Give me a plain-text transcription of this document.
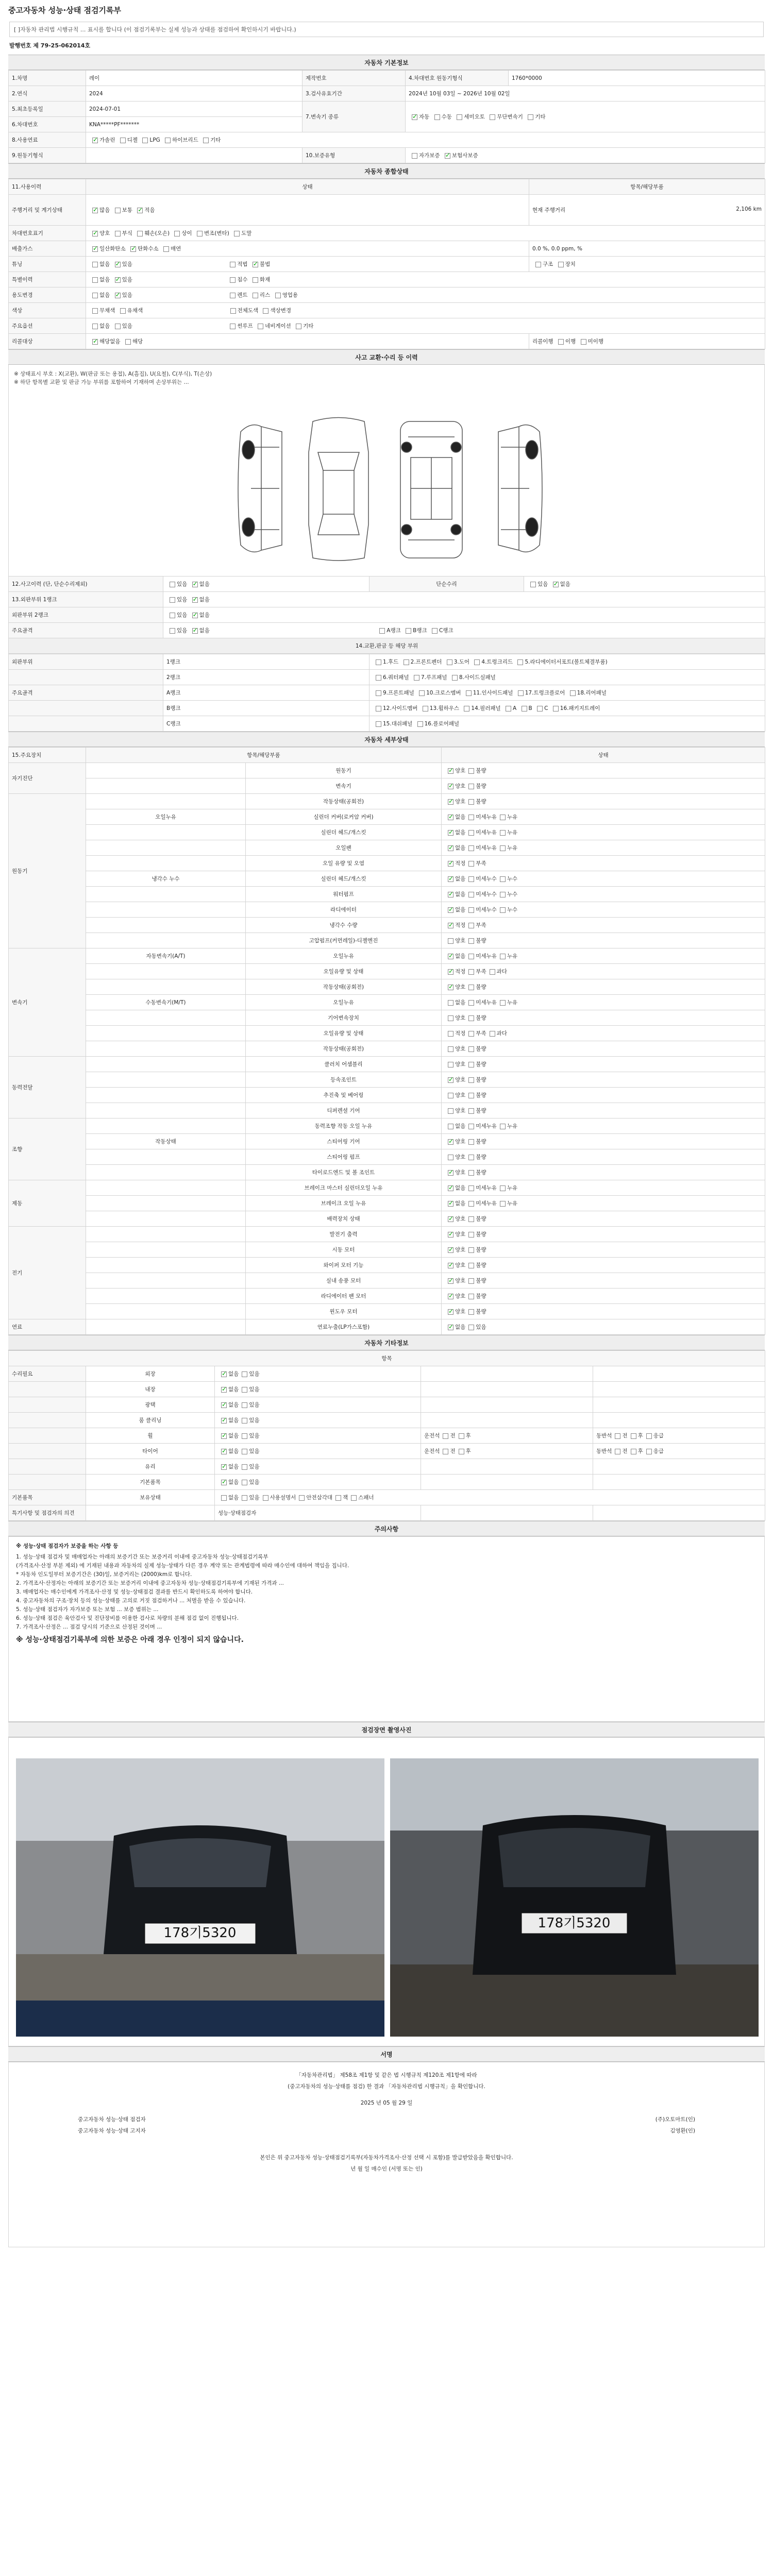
중고자동차 성능·상태 점검기록부
[ ]자동차 관리법 시행규칙 ... 표시를 합니다 (이 점검기록부는 실제 성능과 상태를 점검하여 확인하시기 바랍니다.)
발행번호 제 79-25-062014호
자동차 기본정보
1.차명	레이	제작번호	4.차대번호 원동기형식	1760*0000
2.연식	2024	3.검사유효기간	2024년 10월 03일 ~ 2026년 10월 02일	
5.최초등록일	2024-07-01	7.변속기 종류	✓자동 수동 세미오토 무단변속기 기타
6.차대번호	KNA*****PF*******			
8.사용연료	✓가솔린 디젤 LPG 하이브리드 기타
9.원동기형식		10.보증유형	자가보증 ✓ 보험사보증
자동차 종합상태
11.사용이력	상태	항목/해당부품
주행거리 및 계기상태	✓많음 보통 ✓ 적음	현재 주행거리 2,106 km

차대번호표기	✓양호 부식 훼손(오손) 상이 변조(변타) 도말
배출가스	✓일산화탄소 ✓ 탄화수소 매연	0.0 %, 0.0 ppm, %
튜닝	없음 ✓ 있음 적법 ✓ 불법	구조 장치
특별이력	없음 ✓ 있음 침수 화재
용도변경	없음 ✓ 있음 렌트 리스 영업용
색상	무채색 유채색 전체도색 색상변경	
주요옵션	없음 있음 썬루프 네비게이션 기타	
리콜대상	✓해당없음 해당	리콜이행 이행 미이행
사고 교환·수리 등 이력
※ 상태표시 부호 : X(교환), W(판금 또는 용접), A(흠집), U(요철), C(부식), T(손상)
※ 하단 항목별 교환 및 판금 가능 부위를 포함하여 기재하며 손상부위는 ...
12.사고이력 (단, 단순수리제외)	있음 ✓ 없음	단순수리	있음 ✓ 없음
13.외판부위 1랭크	있음 ✓ 없음
외판부위 2랭크	있음 ✓ 없음
주요골격	있음 ✓ 없음 A랭크 B랭크 C랭크
14.교환,판금 등 해당 부위			
외판부위	1랭크	1.후드 2.프론트펜더 3.도어 4.트렁크리드 5.라디에이터서포트(볼트체결부품)
	2랭크	6.쿼터패널 7.루프패널 8.사이드실패널
주요골격	A랭크	9.프론트패널 10.크로스멤버 11.인사이드패널 17.트렁크플로어 18.리어패널
	B랭크	12.사이드멤버 13.휠하우스 14.필러패널 A B C 16.패키지트레이
	C랭크	15.대쉬패널 16.플로어패널
자동차 세부상태
15.주요장치	항목/해당부품		상태
자기진단		원동기	✓양호 불량
		변속기	✓양호 불량
원동기		작동상태(공회전)	✓양호 불량
	오일누유	실린더 커버(로커암 커버)	✓없음 미세누유 누유
		실린더 헤드/개스킷	✓없음 미세누유 누유
		오일팬	✓없음 미세누유 누유
		오일 유량 및 오염	✓적정 부족
	냉각수 누수	실린더 헤드/개스킷	✓없음 미세누수 누수
		워터펌프	✓없음 미세누수 누수
		라디에이터	✓없음 미세누수 누수
		냉각수 수량	✓적정 부족
		고압펌프(커먼레일)-디젤엔진	양호 불량
변속기	자동변속기(A/T)	오일누유	✓없음 미세누유 누유
		오일유량 및 상태	✓적정 부족 과다
		작동상태(공회전)	✓양호 불량
	수동변속기(M/T)	오일누유	없음 미세누유 누유
		기어변속장치	양호 불량
		오일유량 및 상태	적정 부족 과다
		작동상태(공회전)	양호 불량
동력전달		클러치 어셈블리	양호 불량
		등속조인트	✓양호 불량
		추진축 및 베어링	양호 불량
		디퍼렌셜 기어	양호 불량
조향		동력조향 작동 오일 누유	없음 미세누유 누유
	작동상태	스티어링 기어	✓양호 불량
		스티어링 펌프	양호 불량
		타이로드엔드 및 볼 조인트	✓양호 불량
제동		브레이크 마스터 실린더오일 누유	✓없음 미세누유 누유
		브레이크 오일 누유	✓없음 미세누유 누유
		배력장치 상태	✓양호 불량
전기		발전기 출력	✓양호 불량
		시동 모터	✓양호 불량
		와이퍼 모터 기능	✓양호 불량
		실내 송풍 모터	✓양호 불량
		라디에이터 팬 모터	✓양호 불량
		윈도우 모터	✓양호 불량
연료		연료누출(LP가스포함)	✓없음 있음
자동차 기타정보
항목				
수리필요	외장	✓없음 있음		
	내장	✓없음 있음		
	광택	✓없음 있음		
	룸 클리닝	✓없음 있음		
	휠	✓없음 있음	운전석 전 후	동반석 전 후 응급
	타이어	✓없음 있음	운전석 전 후	동반석 전 후 응급
	유리	✓없음 있음		
	기본품목	✓없음 있음		
기본품목	보유상태	없음 있음 사용설명서 안전삼각대 잭 스패너		
특기사항 및 점검자의 의견		성능·상태점검자		
주의사항
※ 성능·상태 점검자가 보증을 하는 사항 등
1. 성능·상태 점검자 및 매매업자는 아래의 보증기간 또는 보증거리 이내에 중고자동차 성능·상태점검기록부
(가격조사·산정 부분 제외) 에 기재된 내용과 자동차의 실제 성능·상태가 다른 경우 계약 또는 관계법령에 따라 매수인에 대하여 책임을 집니다.
* 자동차 인도일부터 보증기간은 (30)일, 보증거리는 (2000)km로 합니다.
2. 가격조사·산정자는 아래의 보증기간 또는 보증거리 이내에 중고자동차 성능·상태점검기록부에 기재된 가격과 ...
3. 매매업자는 매수인에게 가격조사·산정 및 성능·상태점검 결과를 반드시 확인하도록 하여야 합니다.
4. 중고자동차의 구조·장치 등의 성능·상태를 고의로 거짓 점검하거나 ... 처벌을 받을 수 있습니다.
5. 성능·상태 점검자가 자가보증 또는 보험 ... 보증 범위는 ...
6. 성능·상태 점검은 육안검사 및 진단장비를 이용한 검사로 차량의 분해 점검 없이 진행됩니다.
7. 가격조사·산정은 ... 점검 당시의 기준으로 산정된 것이며 ...
※ 성능·상태점검기록부에 의한 보증은 아래 경우 인정이 되지 않습니다.
점검장면 촬영사진
178기5320
178기5320
서명
「자동차관리법」 제58조 제1항 및 같은 법 시행규칙 제120조 제1항에 따라
(중고자동차의 성능·상태를 점검) 한 결과 「자동차관리법 시행규칙」을 확인합니다.
2025 년 05 월 29 일
중고자동차 성능·상태 점검자	(주)오토마트(인)
중고자동차 성능·상태 고지자	김영환(인)
본인은 위 중고자동차 성능·상태점검기록부(자동차가격조사·산정 선택 시 포함)를 발급받았음을 확인합니다.
년 월 일 매수인 (서명 또는 인)
